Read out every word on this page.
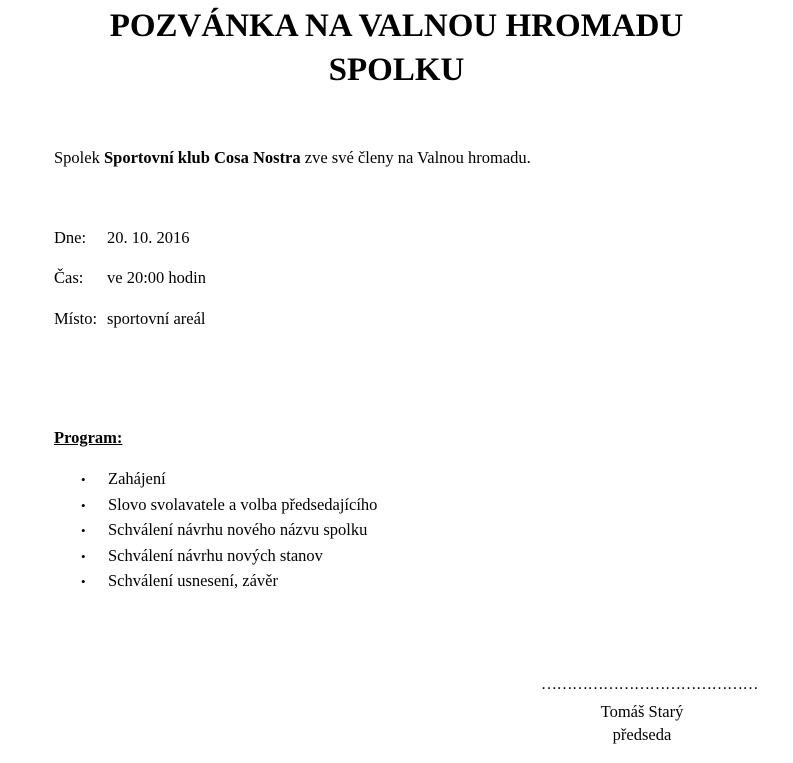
POZVÁNKA NA VALNOU HROMADU
SPOLKU
Spolek Sportovní klub Cosa Nostra zve své členy na Valnou hromadu.
Dne: 20. 10. 2016
Čas: ve 20:00 hodin
Místo: sportovní areál
Program:
• Zahájení
• Slovo svolavatele a volba předsedajícího
• Schválení návrhu nového názvu spolku
• Schválení návrhu nových stanov
• Schválení usnesení, závěr
……………………………………
Tomáš Starý
předseda
